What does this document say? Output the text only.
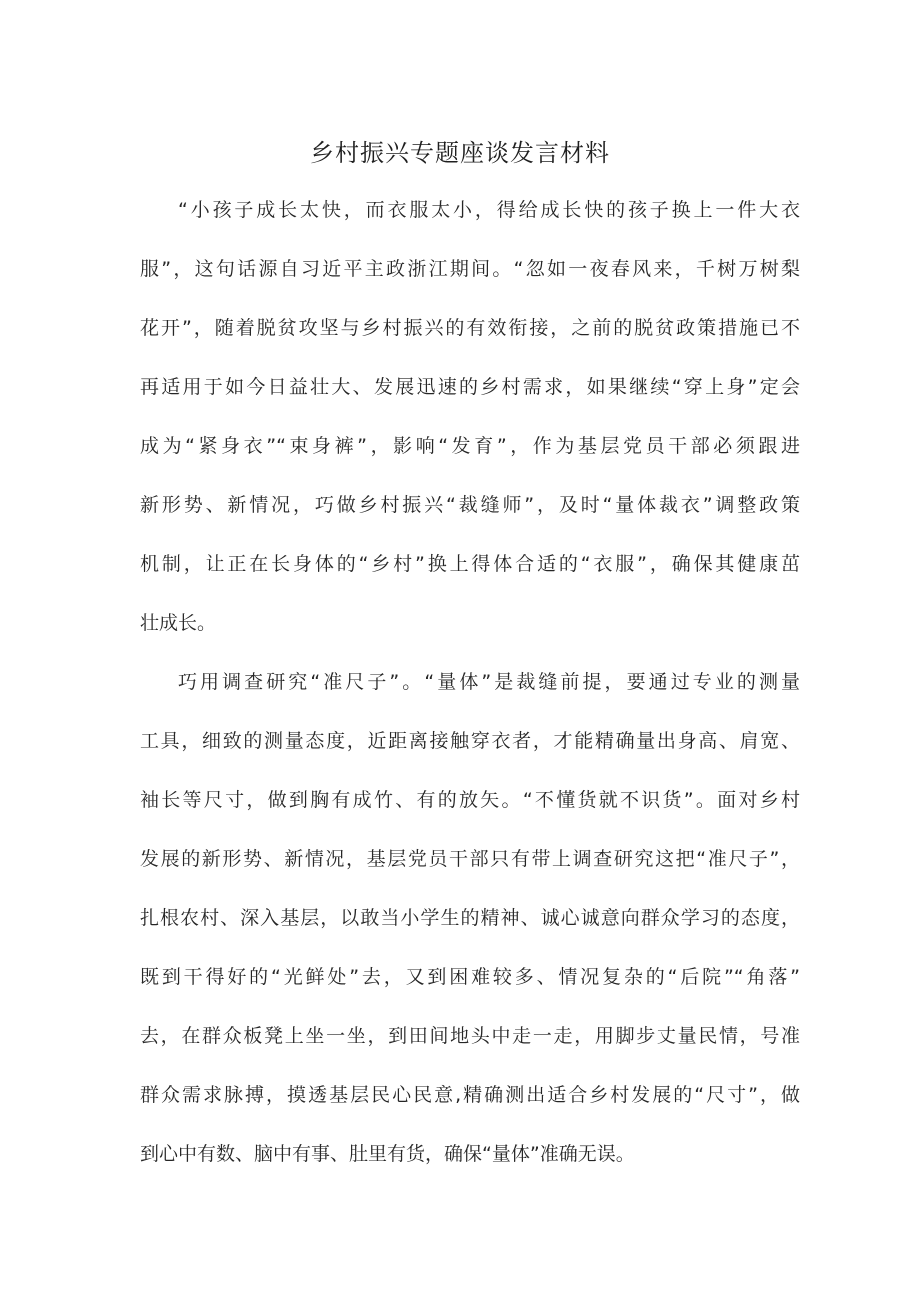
乡村振兴专题座谈发言材料
“小孩子成长太快，而衣服太小，得给成长快的孩子换上一件大衣
服”，这句话源自习近平主政浙江期间。“忽如一夜春风来，千树万树梨
花开”，随着脱贫攻坚与乡村振兴的有效衔接，之前的脱贫政策措施已不
再适用于如今日益壮大、发展迅速的乡村需求，如果继续“穿上身”定会
成为“紧身衣”“束身裤”，影响“发育”，作为基层党员干部必须跟进
新形势、新情况，巧做乡村振兴“裁缝师”，及时“量体裁衣”调整政策
机制，让正在长身体的“乡村”换上得体合适的“衣服”，确保其健康茁
壮成长。
巧用调查研究“准尺子”。“量体”是裁缝前提，要通过专业的测量
工具，细致的测量态度，近距离接触穿衣者，才能精确量出身高、肩宽、
袖长等尺寸，做到胸有成竹、有的放矢。“不懂货就不识货”。面对乡村
发展的新形势、新情况，基层党员干部只有带上调查研究这把“准尺子”，
扎根农村、深入基层，以敢当小学生的精神、诚心诚意向群众学习的态度，
既到干得好的“光鲜处”去，又到困难较多、情况复杂的“后院”“角落”
去，在群众板凳上坐一坐，到田间地头中走一走，用脚步丈量民情，号准
群众需求脉搏，摸透基层民心民意,精确测出适合乡村发展的“尺寸”，做
到心中有数、脑中有事、肚里有货，确保“量体”准确无误。
